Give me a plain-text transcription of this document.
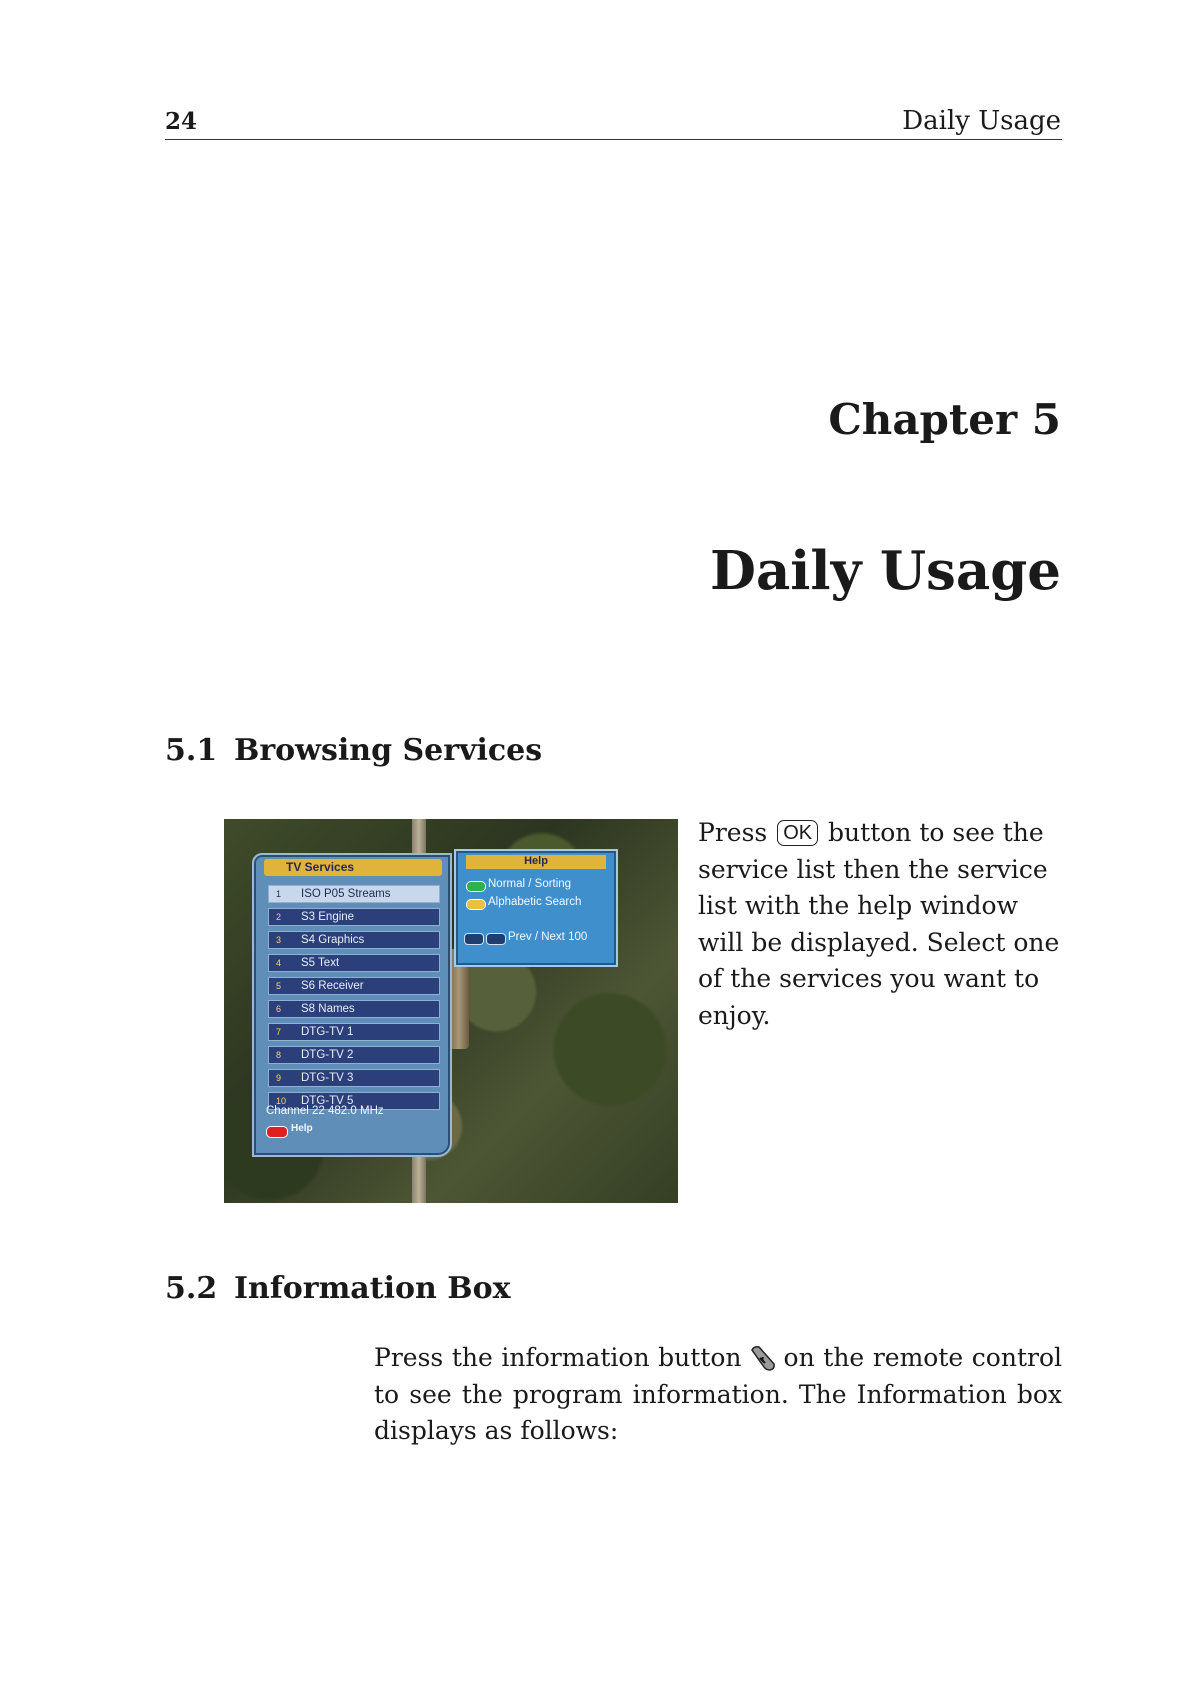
24	Daily Usage
Chapter 5
Daily Usage
5.1 Browsing Services
TV Services
1 ISO P05 Streams
2 S3 Engine
3 S4 Graphics
4 S5 Text
5 S6 Receiver
6 S8 Names
7 DTG-TV 1
8 DTG-TV 2
9 DTG-TV 3
10 DTG-TV 5
Channel 22 482.0 MHz
Help
Help
Normal / Sorting
Alphabetic Search
Prev / Next 100
Press OK button to see the service list then the service list with the help window will be displayed. Select one of the services you want to enjoy.
5.2 Information Box
Press the information button on the remote control to see the program information. The Information box displays as follows:
